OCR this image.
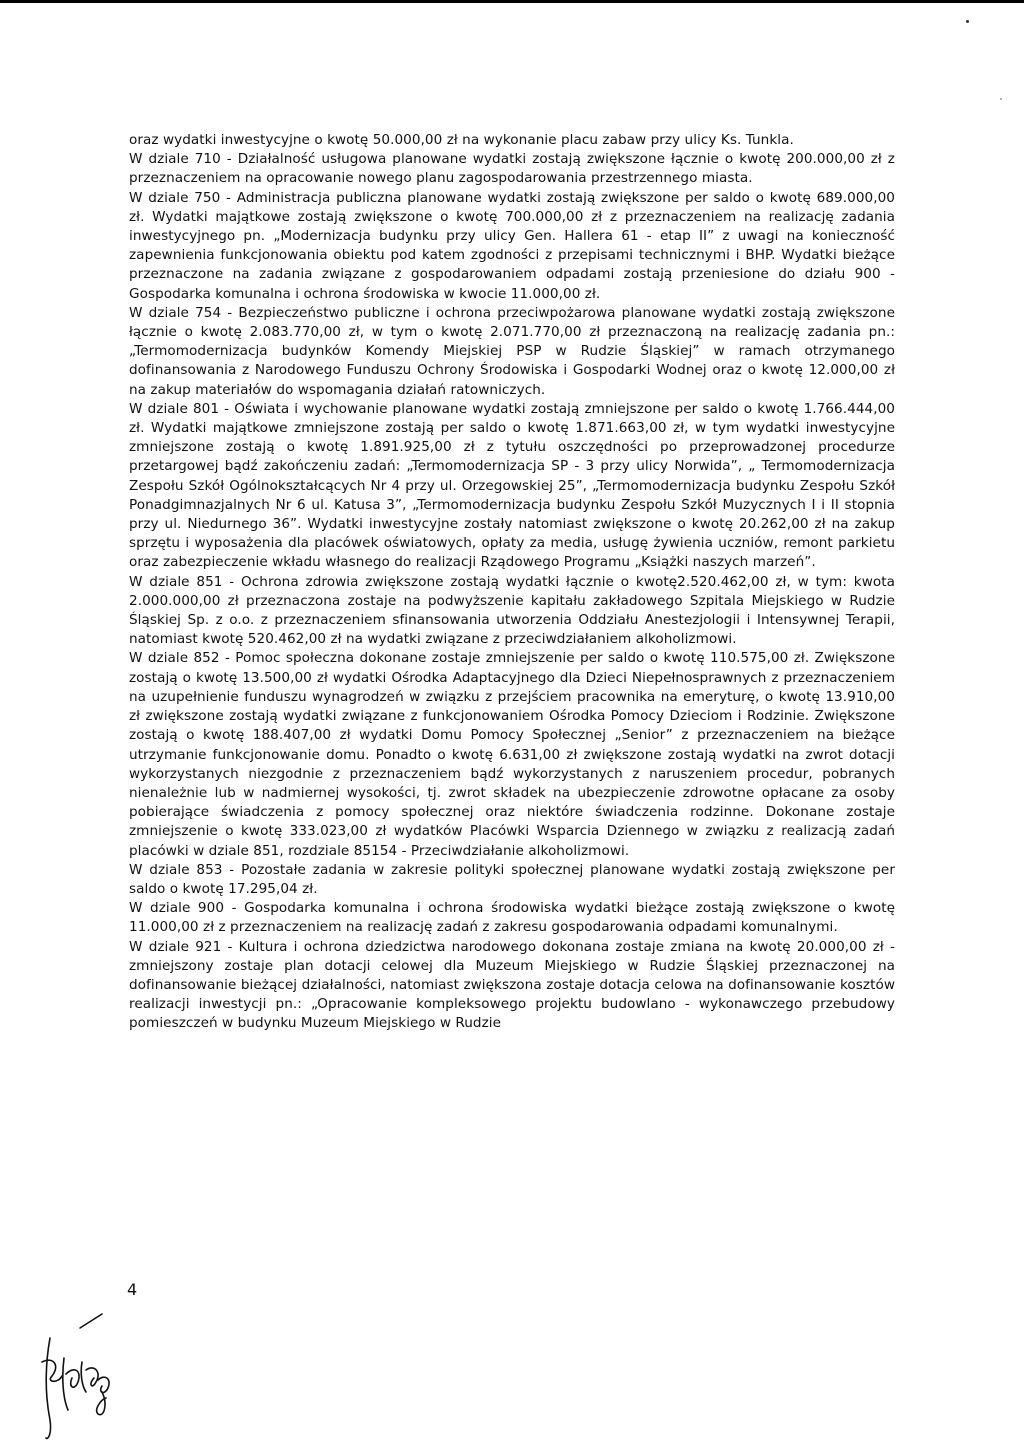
oraz wydatki inwestycyjne o kwotę 50.000,00 zł na wykonanie placu zabaw przy ulicy Ks. Tunkla.

W dziale 710 - Działalność usługowa planowane wydatki zostają zwiększone łącznie o kwotę 200.000,00 zł z przeznaczeniem na opracowanie nowego planu zagospodarowania przestrzennego miasta.

W dziale 750 - Administracja publiczna planowane wydatki zostają zwiększone per saldo o kwotę 689.000,00 zł. Wydatki majątkowe zostają zwiększone o kwotę 700.000,00 zł z przeznaczeniem na realizację zadania inwestycyjnego pn. „Modernizacja budynku przy ulicy Gen. Hallera 61 - etap II” z uwagi na konieczność zapewnienia funkcjonowania obiektu pod katem zgodności z przepisami technicznymi i BHP. Wydatki bieżące przeznaczone na zadania związane z gospodarowaniem odpadami zostają przeniesione do działu 900 - Gospodarka komunalna i ochrona środowiska w kwocie 11.000,00 zł.

W dziale 754 - Bezpieczeństwo publiczne i ochrona przeciwpożarowa planowane wydatki zostają zwiększone łącznie o kwotę 2.083.770,00 zł, w tym o kwotę 2.071.770,00 zł przeznaczoną na realizację zadania pn.: „Termomodernizacja budynków Komendy Miejskiej PSP w Rudzie Śląskiej” w ramach otrzymanego dofinansowania z Narodowego Funduszu Ochrony Środowiska i Gospodarki Wodnej oraz o kwotę 12.000,00 zł na zakup materiałów do wspomagania działań ratowniczych.

W dziale 801 - Oświata i wychowanie planowane wydatki zostają zmniejszone per saldo o kwotę 1.766.444,00 zł. Wydatki majątkowe zmniejszone zostają per saldo o kwotę 1.871.663,00 zł, w tym wydatki inwestycyjne zmniejszone zostają o kwotę 1.891.925,00 zł z tytułu oszczędności po przeprowadzonej procedurze przetargowej bądź zakończeniu zadań: „Termomodernizacja SP - 3 przy ulicy Norwida”, „ Termomodernizacja Zespołu Szkół Ogólnokształcących Nr 4 przy ul. Orzegowskiej 25”, „Termomodernizacja budynku Zespołu Szkół Ponadgimnazjalnych Nr 6 ul. Katusa 3”, „Termomodernizacja budynku Zespołu Szkół Muzycznych I i II stopnia przy ul. Niedurnego 36”. Wydatki inwestycyjne zostały natomiast zwiększone o kwotę 20.262,00 zł na zakup sprzętu i wyposażenia dla placówek oświatowych, opłaty za media, usługę żywienia uczniów, remont parkietu oraz zabezpieczenie wkładu własnego do realizacji Rządowego Programu „Książki naszych marzeń”.

W dziale 851 - Ochrona zdrowia zwiększone zostają wydatki łącznie o kwotę2.520.462,00 zł, w tym: kwota 2.000.000,00 zł przeznaczona zostaje na podwyższenie kapitału zakładowego Szpitala Miejskiego w Rudzie Śląskiej Sp. z o.o. z przeznaczeniem sfinansowania utworzenia Oddziału Anestezjologii i Intensywnej Terapii, natomiast kwotę 520.462,00 zł na wydatki związane z przeciwdziałaniem alkoholizmowi.

W dziale 852 - Pomoc społeczna dokonane zostaje zmniejszenie per saldo o kwotę 110.575,00 zł. Zwiększone zostają o kwotę 13.500,00 zł wydatki Ośrodka Adaptacyjnego dla Dzieci Niepełnosprawnych z przeznaczeniem na uzupełnienie funduszu wynagrodzeń w związku z przejściem pracownika na emeryturę, o kwotę 13.910,00 zł zwiększone zostają wydatki związane z funkcjonowaniem Ośrodka Pomocy Dzieciom i Rodzinie. Zwiększone zostają o kwotę 188.407,00 zł wydatki Domu Pomocy Społecznej „Senior” z przeznaczeniem na bieżące utrzymanie funkcjonowanie domu. Ponadto o kwotę 6.631,00 zł zwiększone zostają wydatki na zwrot dotacji wykorzystanych niezgodnie z przeznaczeniem bądź wykorzystanych z naruszeniem procedur, pobranych nienależnie lub w nadmiernej wysokości, tj. zwrot składek na ubezpieczenie zdrowotne opłacane za osoby pobierające świadczenia z pomocy społecznej oraz niektóre świadczenia rodzinne. Dokonane zostaje zmniejszenie o kwotę 333.023,00 zł wydatków Placówki Wsparcia Dziennego w związku z realizacją zadań placówki w dziale 851, rozdziale 85154 - Przeciwdziałanie alkoholizmowi.

W dziale 853 - Pozostałe zadania w zakresie polityki społecznej planowane wydatki zostają zwiększone per saldo o kwotę 17.295,04 zł.

W dziale 900 - Gospodarka komunalna i ochrona środowiska wydatki bieżące zostają zwiększone o kwotę 11.000,00 zł z przeznaczeniem na realizację zadań z zakresu gospodarowania odpadami komunalnymi.

W dziale 921 - Kultura i ochrona dziedzictwa narodowego dokonana zostaje zmiana na kwotę 20.000,00 zł - zmniejszony zostaje plan dotacji celowej dla Muzeum Miejskiego w Rudzie Śląskiej przeznaczonej na dofinansowanie bieżącej działalności, natomiast zwiększona zostaje dotacja celowa na dofinansowanie kosztów realizacji inwestycji pn.: „Opracowanie kompleksowego projektu budowlano - wykonawczego przebudowy pomieszczeń w budynku Muzeum Miejskiego w Rudzie

4
